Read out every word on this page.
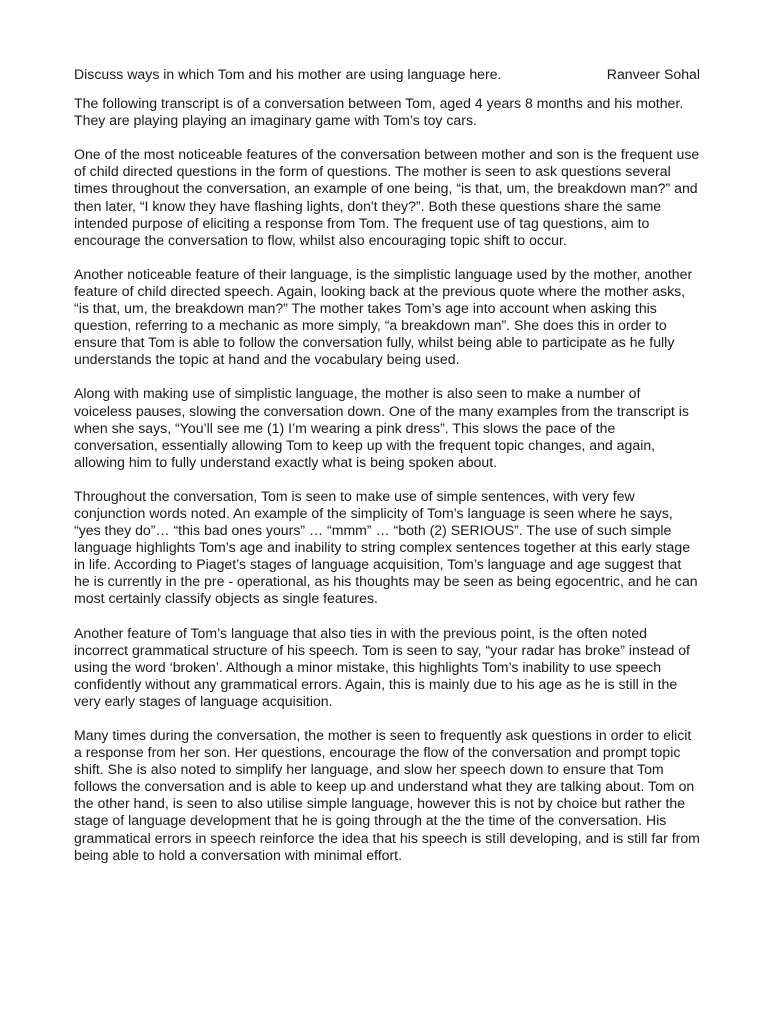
Discuss ways in which Tom and his mother are using language here.	Ranveer Sohal

The following transcript is of a conversation between Tom, aged 4 years 8 months and his mother. They are playing playing an imaginary game with Tom’s toy cars.

One of the most noticeable features of the conversation between mother and son is the frequent use of child directed questions in the form of questions. The mother is seen to ask questions several times throughout the conversation, an example of one being, “is that, um, the breakdown man?” and then later, “I know they have flashing lights, don't they?”. Both these questions share the same intended purpose of eliciting a response from Tom. The frequent use of tag questions, aim to encourage the conversation to flow, whilst also encouraging topic shift to occur.

Another noticeable feature of their language, is the simplistic language used by the mother, another feature of child directed speech. Again, looking back at the previous quote where the mother asks, “is that, um, the breakdown man?” The mother takes Tom’s age into account when asking this question, referring to a mechanic as more simply, “a breakdown man”. She does this in order to ensure that Tom is able to follow the conversation fully, whilst being able to participate as he fully understands the topic at hand and the vocabulary being used.

Along with making use of simplistic language, the mother is also seen to make a number of voiceless pauses, slowing the conversation down. One of the many examples from the transcript is when she says, “You’ll see me (1) I’m wearing a pink dress”. This slows the pace of the conversation, essentially allowing Tom to keep up with the frequent topic changes, and again, allowing him to fully understand exactly what is being spoken about.

Throughout the conversation, Tom is seen to make use of simple sentences, with very few conjunction words noted. An example of the simplicity of Tom’s language is seen where he says, “yes they do”… “this bad ones yours” … “mmm” … “both (2) SERIOUS”. The use of such simple language highlights Tom’s age and inability to string complex sentences together at this early stage in life. According to Piaget’s stages of language acquisition, Tom’s language and age suggest that he is currently in the pre - operational, as his thoughts may be seen as being egocentric, and he can most certainly classify objects as single features.

Another feature of Tom’s language that also ties in with the previous point, is the often noted incorrect grammatical structure of his speech. Tom is seen to say, “your radar has broke” instead of using the word ‘broken’. Although a minor mistake, this highlights Tom’s inability to use speech confidently without any grammatical errors. Again, this is mainly due to his age as he is still in the very early stages of language acquisition.

Many times during the conversation, the mother is seen to frequently ask questions in order to elicit a response from her son. Her questions, encourage the flow of the conversation and prompt topic shift. She is also noted to simplify her language, and slow her speech down to ensure that Tom follows the conversation and is able to keep up and understand what they are talking about. Tom on the other hand, is seen to also utilise simple language, however this is not by choice but rather the stage of language development that he is going through at the the time of the conversation. His grammatical errors in speech reinforce the idea that his speech is still developing, and is still far from being able to hold a conversation with minimal effort.
